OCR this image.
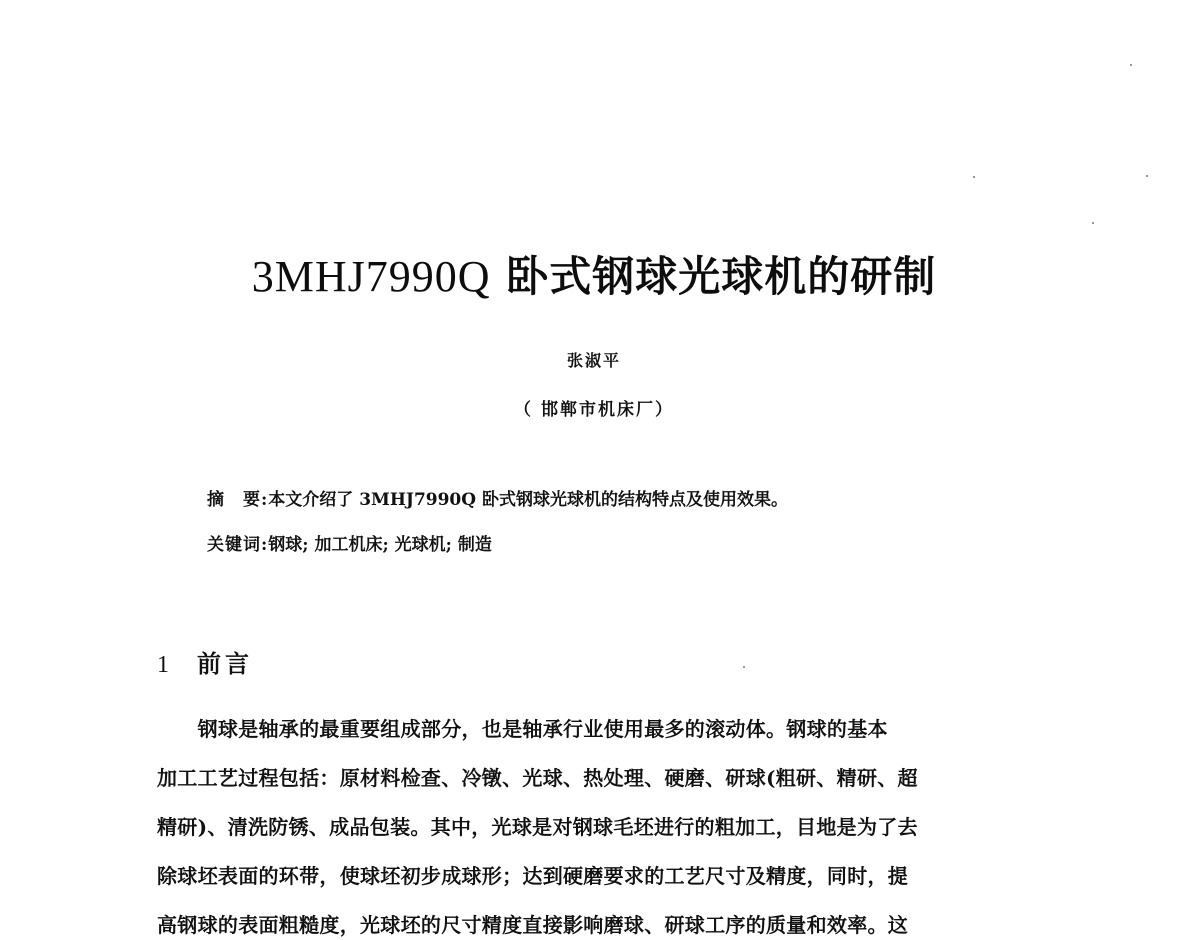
3MHJ7990Q 卧式钢球光球机的研制
张淑平
（ 邯郸市机床厂）
摘　要:本文介绍了 3MHJ7990Q 卧式钢球光球机的结构特点及使用效果。
关键词:钢球; 加工机床; 光球机; 制造
1 前言
　　钢球是轴承的最重要组成部分，也是轴承行业使用最多的滚动体。钢球的基本
加工工艺过程包括：原材料检查、冷镦、光球、热处理、硬磨、研球(粗研、精研、超
精研)、清洗防锈、成品包装。其中，光球是对钢球毛坯进行的粗加工，目地是为了去
除球坯表面的环带，使球坯初步成球形；达到硬磨要求的工艺尺寸及精度，同时，提
高钢球的表面粗糙度，光球坯的尺寸精度直接影响磨球、研球工序的质量和效率。这
